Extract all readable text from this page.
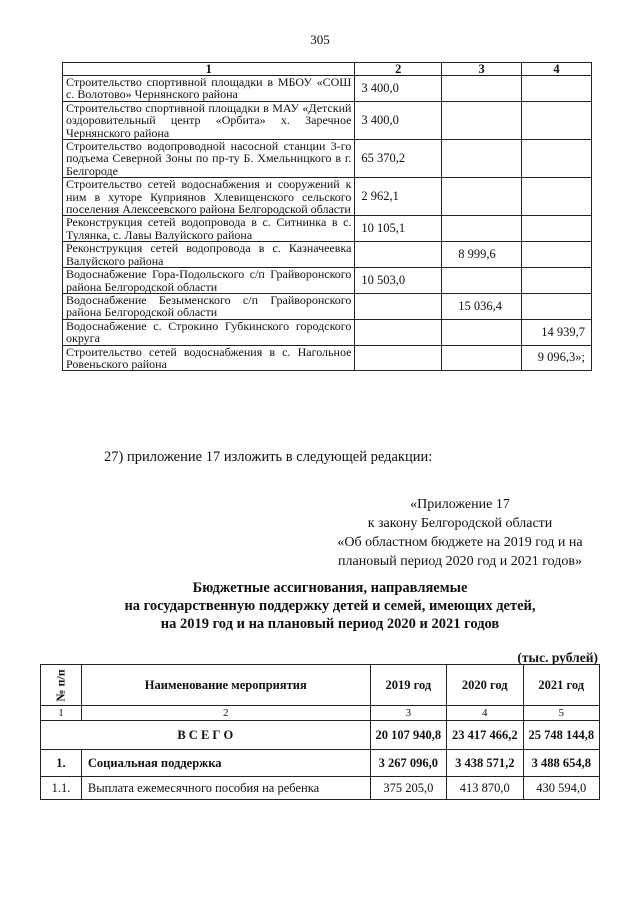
305
1	2	3	4
Строительство спортивной площадки в МБОУ «СОШ с. Волотово» Чернянского района	3 400,0		
Строительство спортивной площадки в МАУ «Детский оздоровительный центр «Орбита» х. Заречное Чернянского района	3 400,0		
Строительство водопроводной насосной станции 3-го подъема Северной Зоны по пр-ту Б. Хмельницкого в г. Белгороде	65 370,2		
Строительство сетей водоснабжения и сооружений к ним в хуторе Куприянов Хлевищенского сельского поселения Алексеевского района Белгородской области	2 962,1		
Реконструкция сетей водопровода в с. Ситнинка в с. Тулянка, с. Лавы Валуйского района	10 105,1		
Реконструкция сетей водопровода в с. Казначеевка Валуйского района		8 999,6	
Водоснабжение Гора-Подольского с/п Грайворонского района Белгородской области	10 503,0		
Водоснабжение Безыменского с/п Грайворонского района Белгородской области		15 036,4	
Водоснабжение с. Строкино Губкинского городского округа			14 939,7
Строительство сетей водоснабжения в с. Нагольное Ровеньского района			9 096,3»;
27) приложение 17 изложить в следующей редакции:
«Приложение 17
к закону Белгородской области
«Об областном бюджете на 2019 год и на
плановый период 2020 год и 2021 годов»
Бюджетные ассигнования, направляемые
на государственную поддержку детей и семей, имеющих детей,
на 2019 год и на плановый период 2020 и 2021 годов
(тыс. рублей)
№ п/п	Наименование мероприятия	2019 год	2020 год	2021 год
1	2	3	4	5
В С Е Г О		20 107 940,8	23 417 466,2	25 748 144,8
1.	Социальная поддержка	3 267 096,0	3 438 571,2	3 488 654,8
1.1.	Выплата ежемесячного пособия на ребенка	375 205,0	413 870,0	430 594,0
